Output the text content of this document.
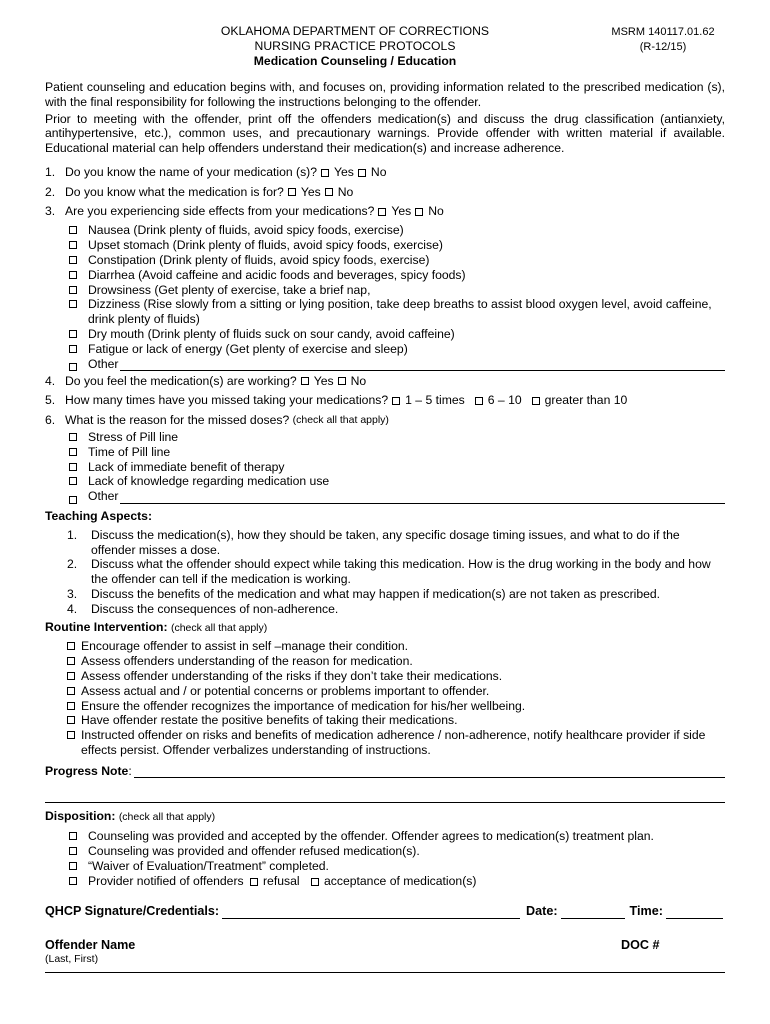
OKLAHOMA DEPARTMENT OF CORRECTIONS
NURSING PRACTICE PROTOCOLS
Medication Counseling / Education
MSRM 140117.01.62
(R-12/15)

Patient counseling and education begins with, and focuses on, providing information related to the prescribed medication (s), with the final responsibility for following the instructions belonging to the offender.

Prior to meeting with the offender, print off the offenders medication(s) and discuss the drug classification (antianxiety, antihypertensive, etc.), common uses, and precautionary warnings. Provide offender with written material if available. Educational material can help offenders understand their medication(s) and increase adherence.

1. Do you know the name of your medication (s)? Yes No
2. Do you know what the medication is for? Yes No
3. Are you experiencing side effects from your medications? Yes No
Nausea (Drink plenty of fluids, avoid spicy foods, exercise)
Upset stomach (Drink plenty of fluids, avoid spicy foods, exercise)
Constipation (Drink plenty of fluids, avoid spicy foods, exercise)
Diarrhea (Avoid caffeine and acidic foods and beverages, spicy foods)
Drowsiness (Get plenty of exercise, take a brief nap,
Dizziness (Rise slowly from a sitting or lying position, take deep breaths to assist blood oxygen level, avoid caffeine, drink plenty of fluids)
Dry mouth (Drink plenty of fluids suck on sour candy, avoid caffeine)
Fatigue or lack of energy (Get plenty of exercise and sleep)
Other
4. Do you feel the medication(s) are working? Yes No
5. How many times have you missed taking your medications? 1 – 5 times 6 – 10 greater than 10
6. What is the reason for the missed doses?
(check all that apply)
Stress of Pill line
Time of Pill line
Lack of immediate benefit of therapy
Lack of knowledge regarding medication use
Other
Teaching Aspects:
1.	Discuss the medication(s), how they should be taken, any specific dosage timing issues, and what to do if the offender misses a dose.
2.	Discuss what the offender should expect while taking this medication. How is the drug working in the body and how the offender can tell if the medication is working.
3.	Discuss the benefits of the medication and what may happen if medication(s) are not taken as prescribed.
4.	Discuss the consequences of non-adherence.
Routine Intervention: (check all that apply)
Encourage offender to assist in self –manage their condition.
Assess offenders understanding of the reason for medication.
Assess offender understanding of the risks if they don’t take their medications.
Assess actual and / or potential concerns or problems important to offender.
Ensure the offender recognizes the importance of medication for his/her wellbeing.
Have offender restate the positive benefits of taking their medications.
Instructed offender on risks and benefits of medication adherence / non-adherence, notify healthcare provider if side effects persist. Offender verbalizes understanding of instructions.
Progress Note :
Disposition: (check all that apply)
Counseling was provided and accepted by the offender. Offender agrees to medication(s) treatment plan.
Counseling was provided and offender refused medication(s).
“Waiver of Evaluation/Treatment” completed.
Provider notified of offenders refusal acceptance of medication(s)
QHCP Signature/Credentials:	Date:	Time:
Offender Name
(Last, First)
DOC #
